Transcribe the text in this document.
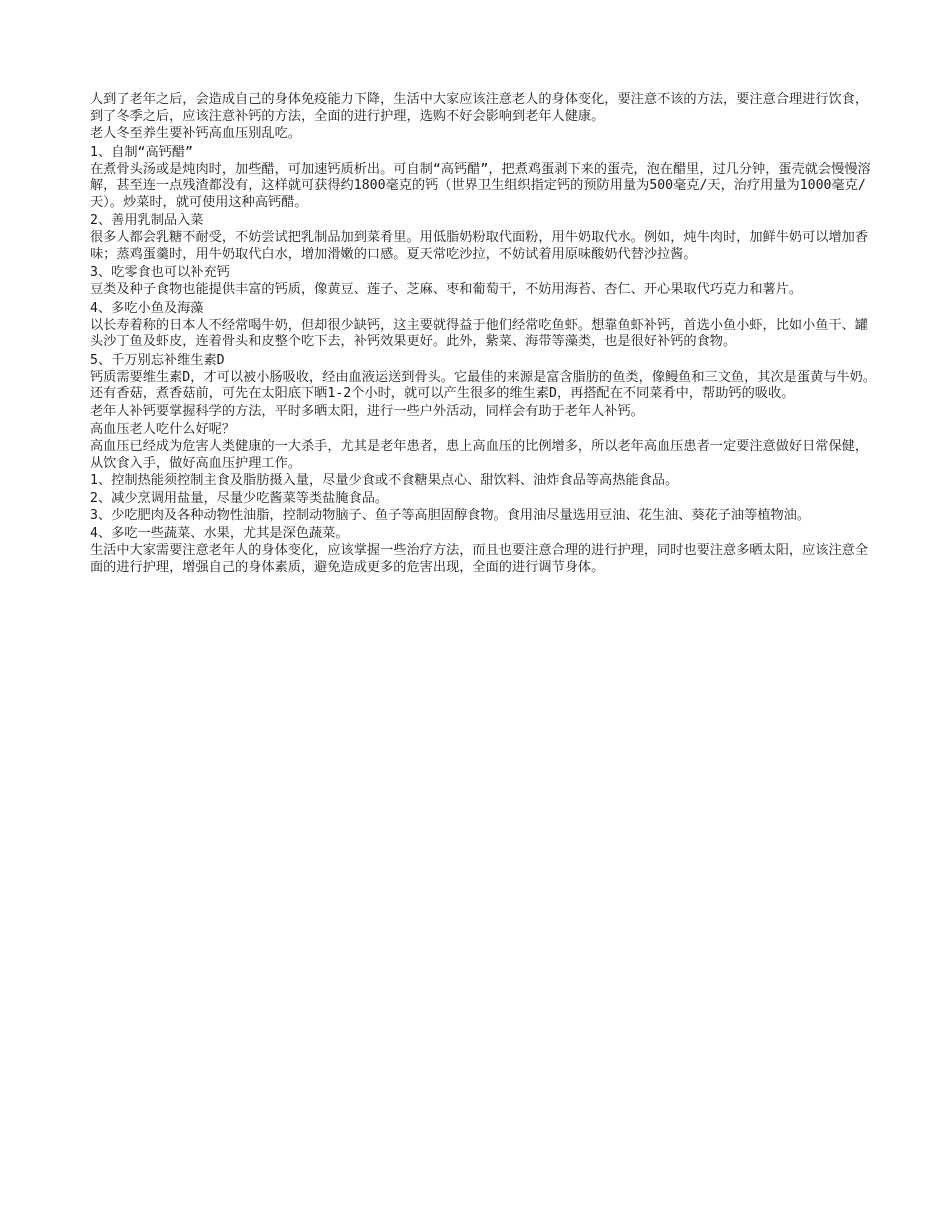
人到了老年之后，会造成自己的身体免疫能力下降，生活中大家应该注意老人的身体变化，要注意不该的方法，要注意合理进行饮食，到了冬季之后，应该注意补钙的方法，全面的进行护理，选购不好会影响到老年人健康。

老人冬至养生要补钙高血压别乱吃。

1、自制“高钙醋”

在煮骨头汤或是炖肉时，加些醋，可加速钙质析出。可自制“高钙醋”，把煮鸡蛋剥下来的蛋壳，泡在醋里，过几分钟，蛋壳就会慢慢溶解，甚至连一点残渣都没有，这样就可获得约1800毫克的钙（世界卫生组织指定钙的预防用量为500毫克/天，治疗用量为1000毫克/天）。炒菜时，就可使用这种高钙醋。

2、善用乳制品入菜

很多人都会乳糖不耐受，不妨尝试把乳制品加到菜肴里。用低脂奶粉取代面粉，用牛奶取代水。例如，炖牛肉时，加鲜牛奶可以增加香味；蒸鸡蛋羹时，用牛奶取代白水，增加滑嫩的口感。夏天常吃沙拉，不妨试着用原味酸奶代替沙拉酱。

3、吃零食也可以补充钙

豆类及种子食物也能提供丰富的钙质，像黄豆、莲子、芝麻、枣和葡萄干，不妨用海苔、杏仁、开心果取代巧克力和薯片。

4、多吃小鱼及海藻

以长寿着称的日本人不经常喝牛奶，但却很少缺钙，这主要就得益于他们经常吃鱼虾。想靠鱼虾补钙，首选小鱼小虾，比如小鱼干、罐头沙丁鱼及虾皮，连着骨头和皮整个吃下去，补钙效果更好。此外，紫菜、海带等藻类，也是很好补钙的食物。

5、千万别忘补维生素D

钙质需要维生素D，才可以被小肠吸收，经由血液运送到骨头。它最佳的来源是富含脂肪的鱼类，像鳗鱼和三文鱼，其次是蛋黄与牛奶。还有香菇，煮香菇前，可先在太阳底下晒1-2个小时，就可以产生很多的维生素D，再搭配在不同菜肴中，帮助钙的吸收。

老年人补钙要掌握科学的方法，平时多晒太阳，进行一些户外活动，同样会有助于老年人补钙。

高血压老人吃什么好呢？

高血压已经成为危害人类健康的一大杀手，尤其是老年患者，患上高血压的比例增多，所以老年高血压患者一定要注意做好日常保健，从饮食入手，做好高血压护理工作。

1、控制热能须控制主食及脂肪摄入量，尽量少食或不食糖果点心、甜饮料、油炸食品等高热能食品。

2、减少烹调用盐量，尽量少吃酱菜等类盐腌食品。

3、少吃肥肉及各种动物性油脂，控制动物脑子、鱼子等高胆固醇食物。食用油尽量选用豆油、花生油、葵花子油等植物油。

4、多吃一些蔬菜、水果，尤其是深色蔬菜。

生活中大家需要注意老年人的身体变化，应该掌握一些治疗方法，而且也要注意合理的进行护理，同时也要注意多晒太阳，应该注意全面的进行护理，增强自己的身体素质，避免造成更多的危害出现，全面的进行调节身体。
